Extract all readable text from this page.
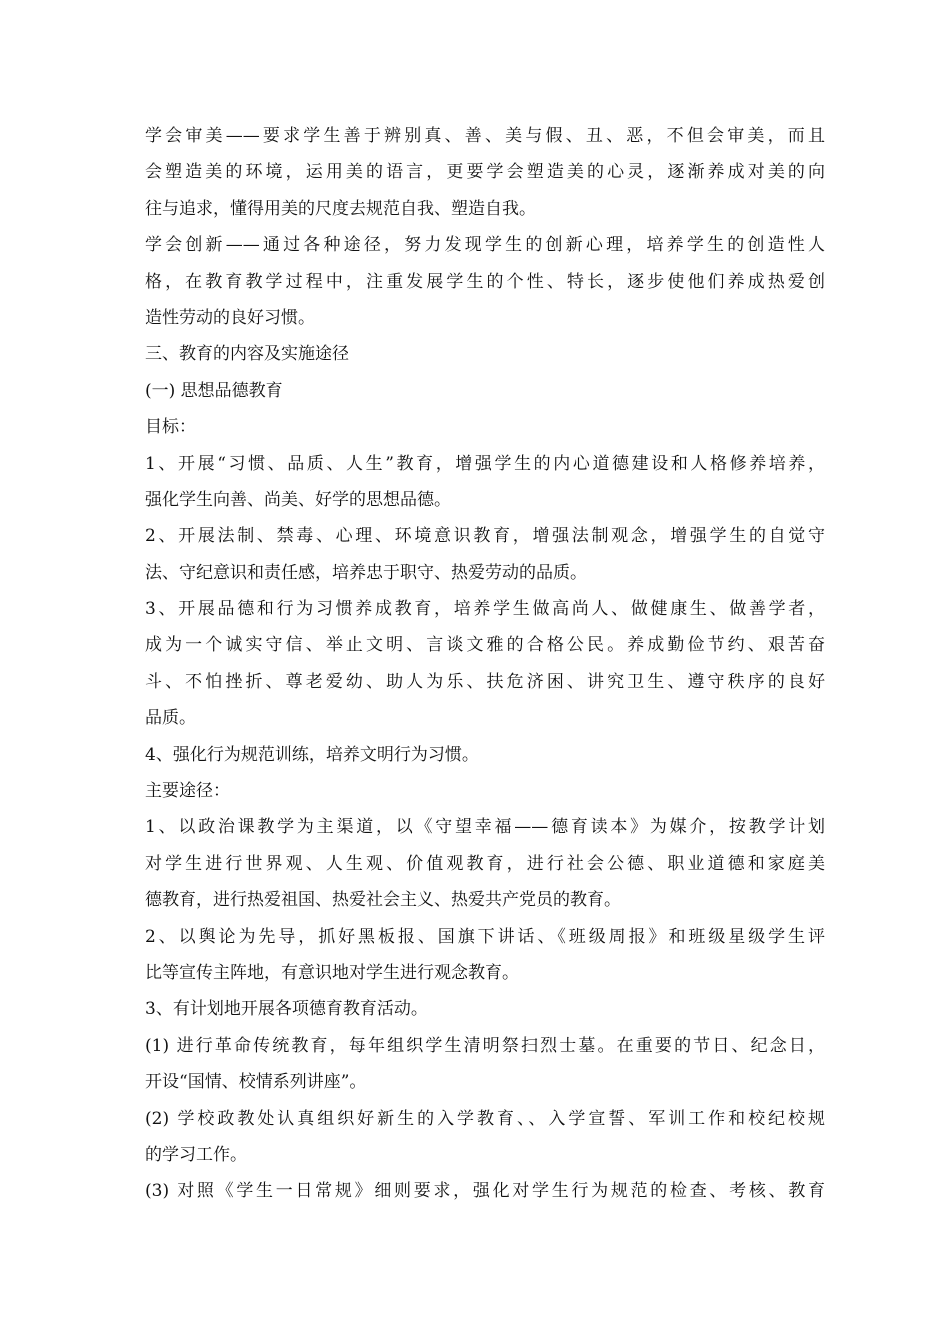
学会审美——要求学生善于辨别真、善、美与假、丑、恶，不但会审美，而且
会塑造美的环境，运用美的语言，更要学会塑造美的心灵，逐渐养成对美的向
往与追求，懂得用美的尺度去规范自我、塑造自我。
学会创新——通过各种途径，努力发现学生的创新心理，培养学生的创造性人
格，在教育教学过程中，注重发展学生的个性、特长，逐步使他们养成热爱创
造性劳动的良好习惯。
三、教育的内容及实施途径
(一) 思想品德教育
目标：
1、开展“习惯、品质、人生”教育，增强学生的内心道德建设和人格修养培养，
强化学生向善、尚美、好学的思想品德。
2、开展法制、禁毒、心理、环境意识教育，增强法制观念，增强学生的自觉守
法、守纪意识和责任感，培养忠于职守、热爱劳动的品质。
3、开展品德和行为习惯养成教育，培养学生做高尚人、做健康生、做善学者，
成为一个诚实守信、举止文明、言谈文雅的合格公民。养成勤俭节约、艰苦奋
斗、不怕挫折、尊老爱幼、助人为乐、扶危济困、讲究卫生、遵守秩序的良好
品质。
4、强化行为规范训练，培养文明行为习惯。
主要途径：
1、以政治课教学为主渠道，以《守望幸福——德育读本》为媒介，按教学计划
对学生进行世界观、人生观、价值观教育，进行社会公德、职业道德和家庭美
德教育，进行热爱祖国、热爱社会主义、热爱共产党员的教育。
2、以舆论为先导，抓好黑板报、国旗下讲话、《班级周报》和班级星级学生评
比等宣传主阵地，有意识地对学生进行观念教育。
3、有计划地开展各项德育教育活动。
(1) 进行革命传统教育，每年组织学生清明祭扫烈士墓。在重要的节日、纪念日，
开设“国情、校情系列讲座”。
(2) 学校政教处认真组织好新生的入学教育、、入学宣誓、军训工作和校纪校规
的学习工作。
(3) 对照《学生一日常规》细则要求，强化对学生行为规范的检查、考核、教育
